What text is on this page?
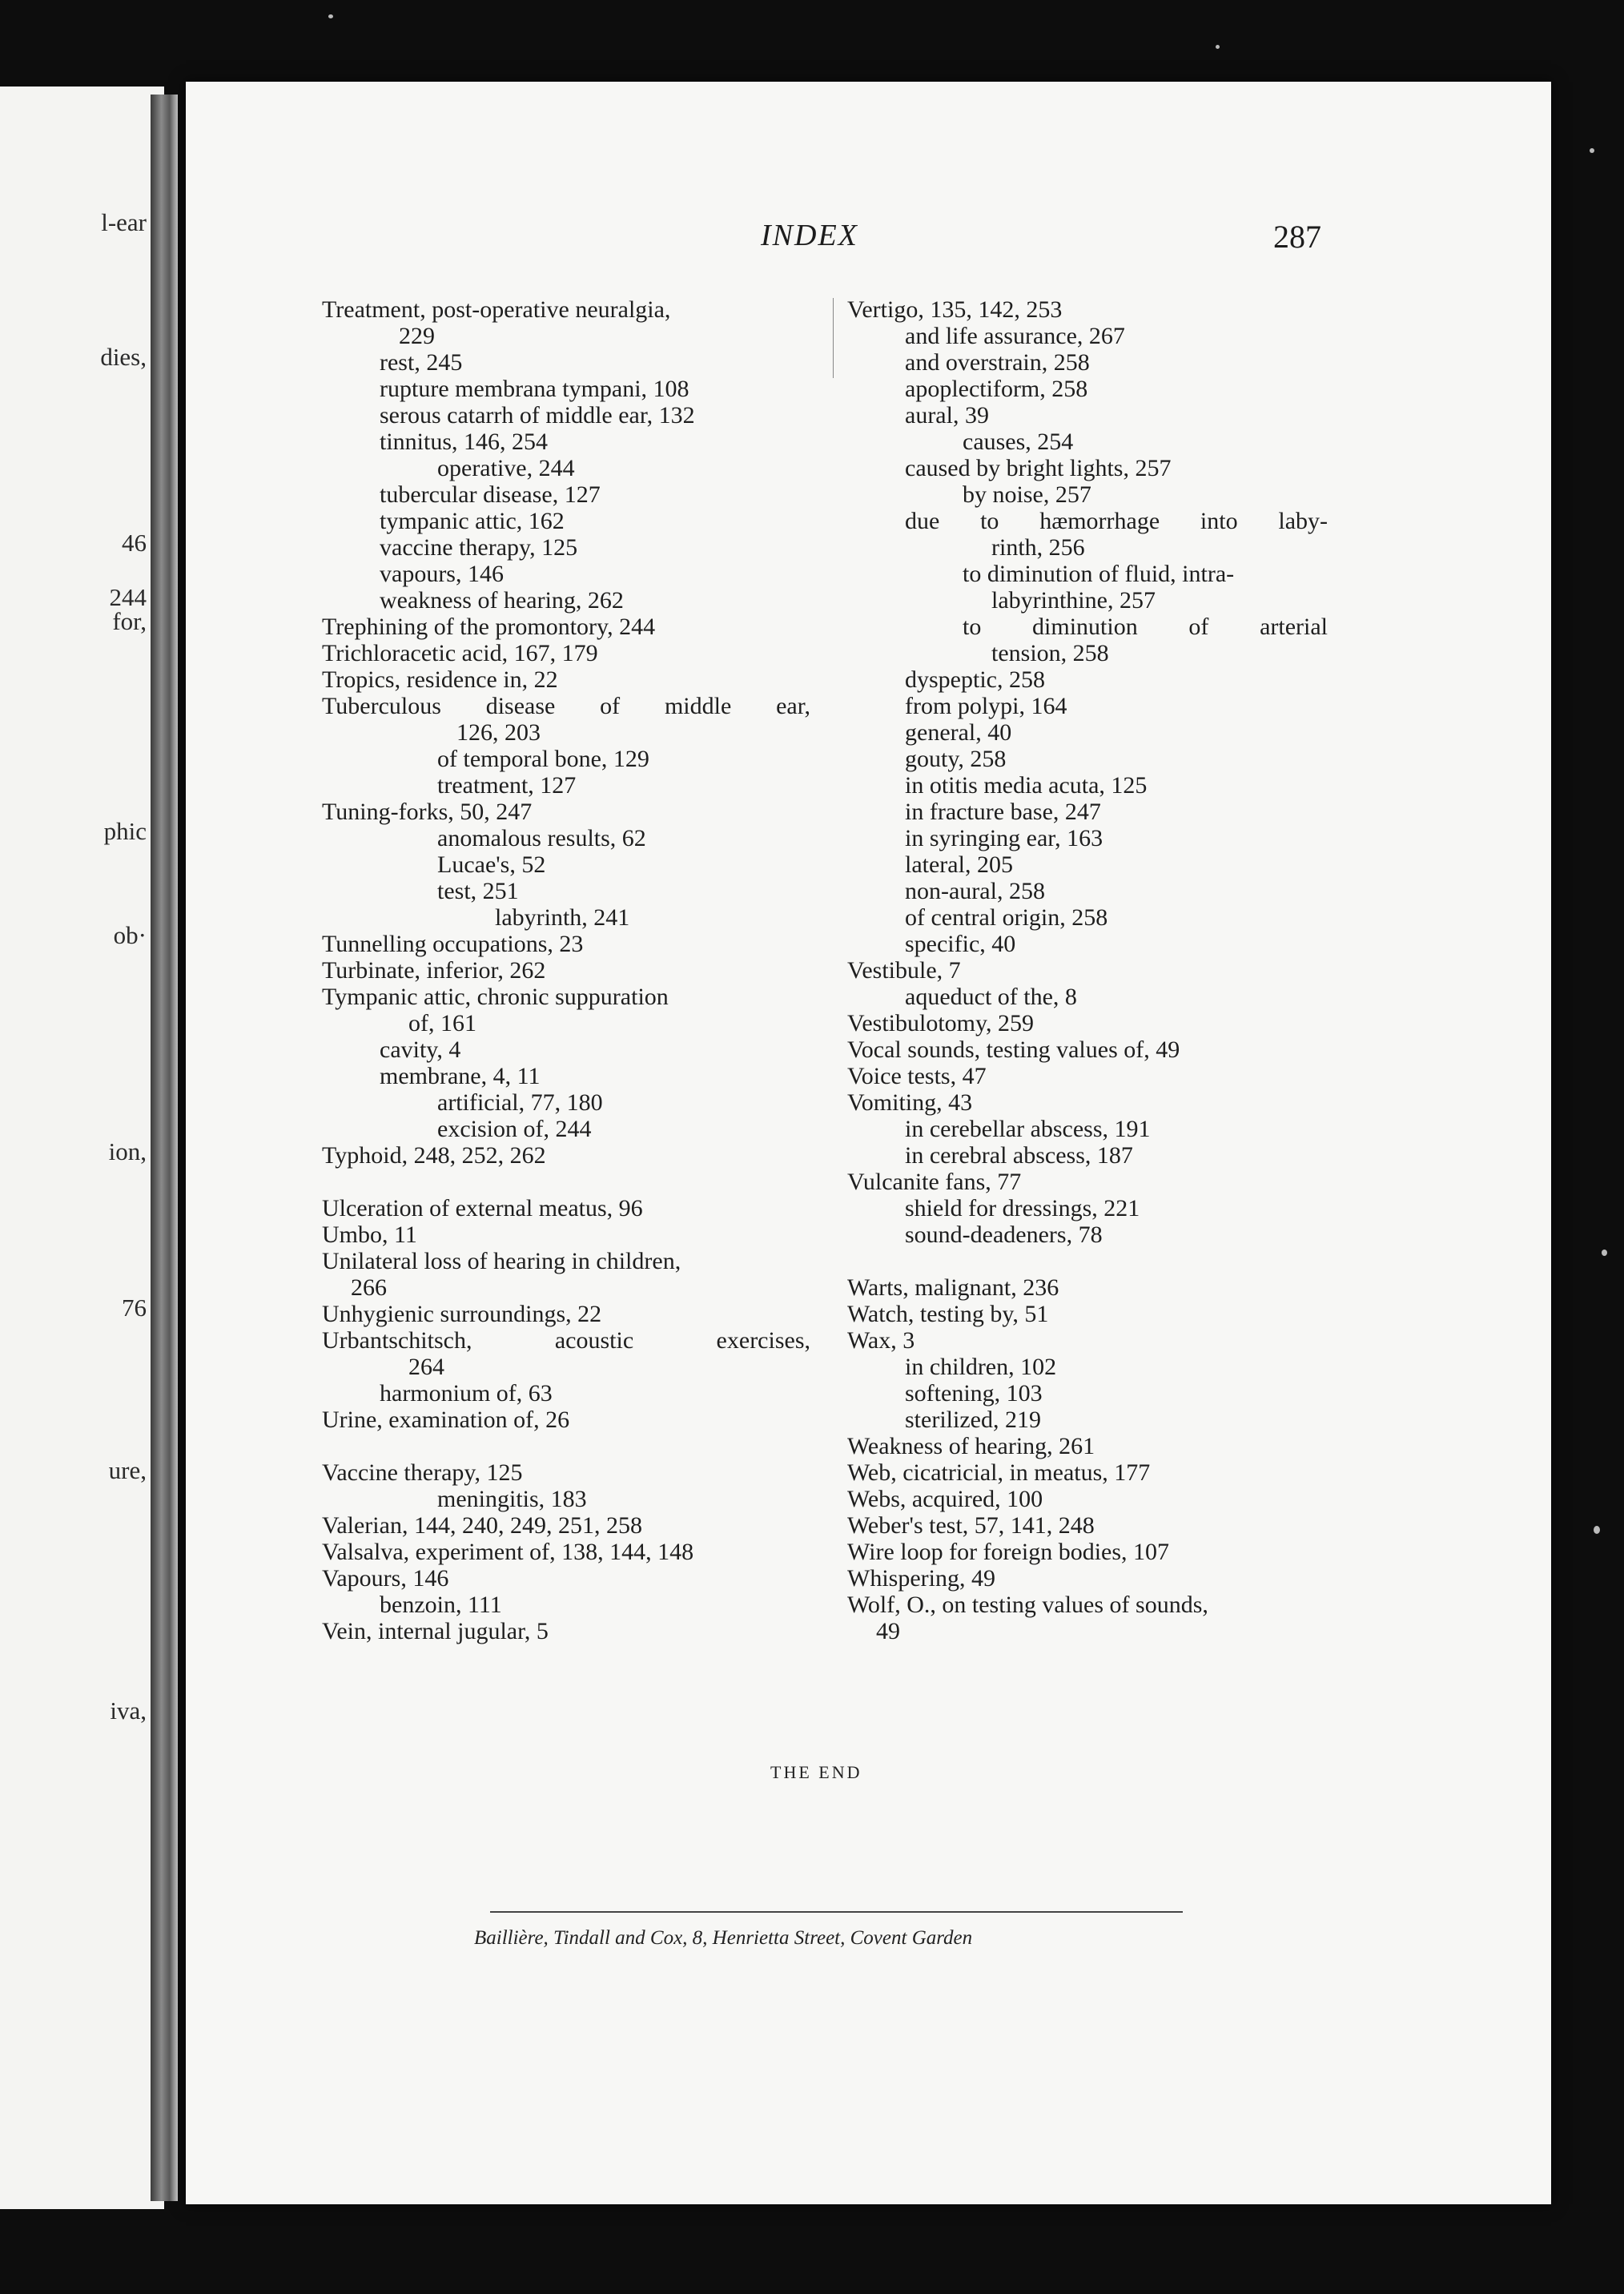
l-ear
dies,
46
244
for,
phic
ob·
ion,
76
ure,
iva,
INDEX	287
Treatment, post-operative neuralgia,
229
rest, 245
rupture membrana tympani, 108
serous catarrh of middle ear, 132
tinnitus, 146, 254
operative, 244
tubercular disease, 127
tympanic attic, 162
vaccine therapy, 125
vapours, 146
weakness of hearing, 262
Trephining of the promontory, 244
Trichloracetic acid, 167, 179
Tropics, residence in, 22
Tuberculous disease of middle ear,
126, 203
of temporal bone, 129
treatment, 127
Tuning-forks, 50, 247
anomalous results, 62
Lucae's, 52
test, 251
labyrinth, 241
Tunnelling occupations, 23
Turbinate, inferior, 262
Tympanic attic, chronic suppuration
of, 161
cavity, 4
membrane, 4, 11
artificial, 77, 180
excision of, 244
Typhoid, 248, 252, 262
Ulceration of external meatus, 96
Umbo, 11
Unilateral loss of hearing in children,
266
Unhygienic surroundings, 22
Urbantschitsch, acoustic exercises,
264
harmonium of, 63
Urine, examination of, 26
Vaccine therapy, 125
meningitis, 183
Valerian, 144, 240, 249, 251, 258
Valsalva, experiment of, 138, 144, 148
Vapours, 146
benzoin, 111
Vein, internal jugular, 5
Vertigo, 135, 142, 253
and life assurance, 267
and overstrain, 258
apoplectiform, 258
aural, 39
causes, 254
caused by bright lights, 257
by noise, 257
due to hæmorrhage into laby-
rinth, 256
to diminution of fluid, intra-
labyrinthine, 257
to diminution of arterial
tension, 258
dyspeptic, 258
from polypi, 164
general, 40
gouty, 258
in otitis media acuta, 125
in fracture base, 247
in syringing ear, 163
lateral, 205
non-aural, 258
of central origin, 258
specific, 40
Vestibule, 7
aqueduct of the, 8
Vestibulotomy, 259
Vocal sounds, testing values of, 49
Voice tests, 47
Vomiting, 43
in cerebellar abscess, 191
in cerebral abscess, 187
Vulcanite fans, 77
shield for dressings, 221
sound-deadeners, 78
Warts, malignant, 236
Watch, testing by, 51
Wax, 3
in children, 102
softening, 103
sterilized, 219
Weakness of hearing, 261
Web, cicatricial, in meatus, 177
Webs, acquired, 100
Weber's test, 57, 141, 248
Wire loop for foreign bodies, 107
Whispering, 49
Wolf, O., on testing values of sounds,
49
THE END
Baillière, Tindall and Cox, 8, Henrietta Street, Covent Garden
